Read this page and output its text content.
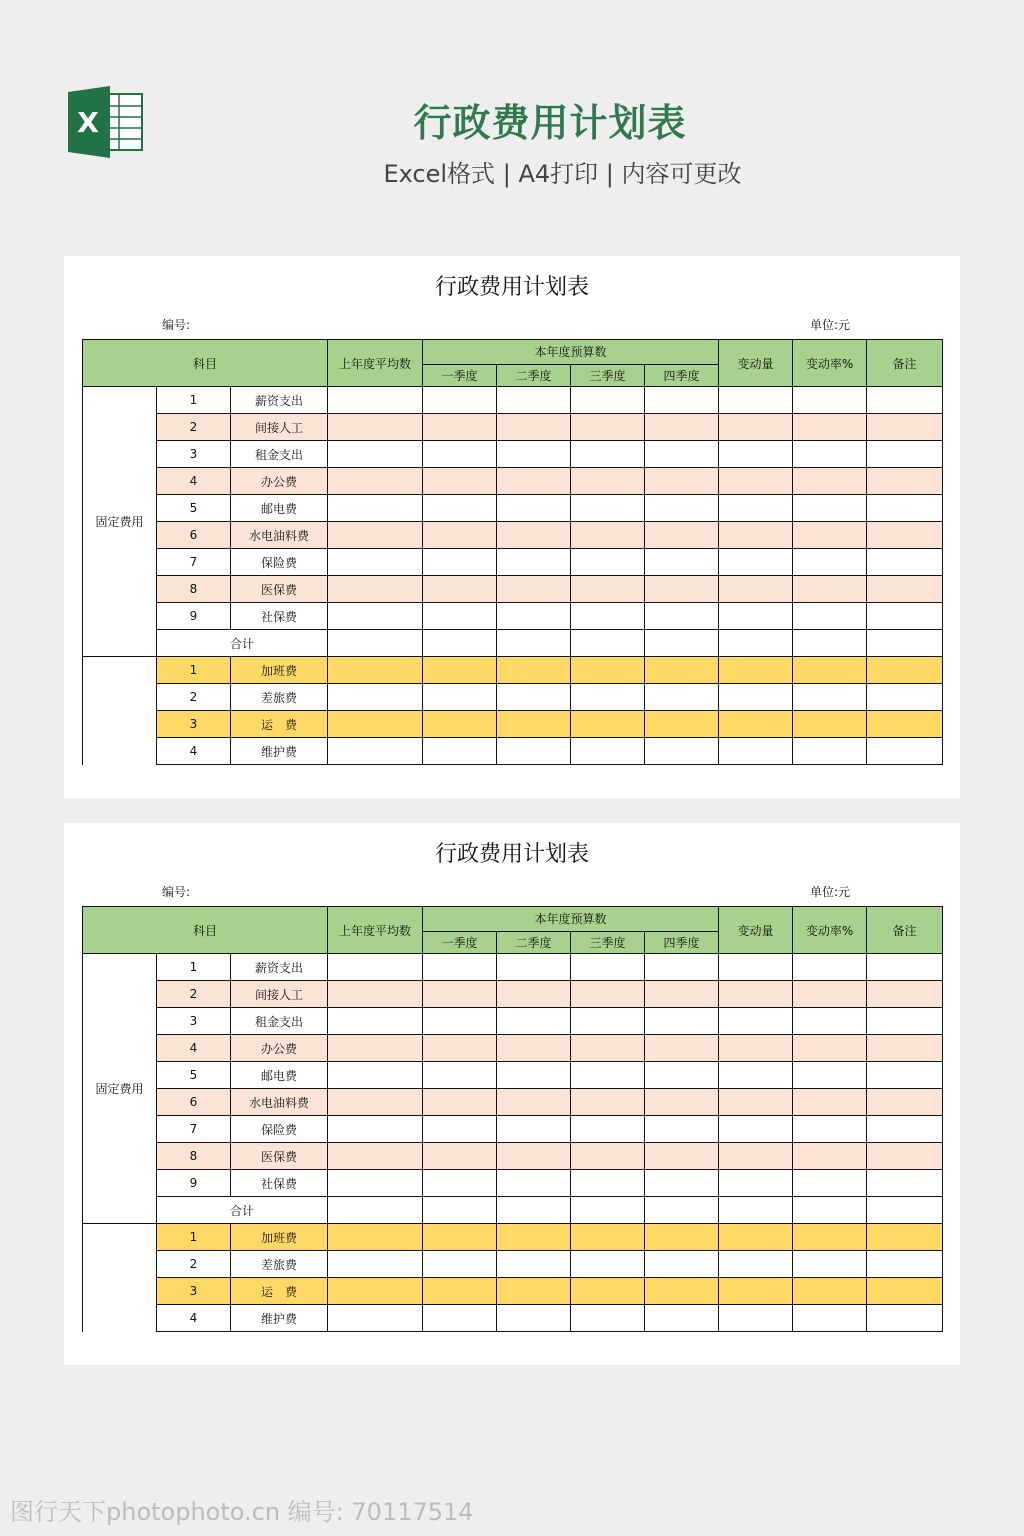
X	行政费用计划表
Excel格式 | A4打印 | 内容可更改
行政费用计划表
编号:	单位:元
科目			上年度平均数	本年度预算数				变动量	变动率%	备注
				一季度	二季度	三季度	四季度			
固定费用	1	薪资支出								
	2	间接人工								
	3	租金支出								
	4	办公费								
	5	邮电费								
	6	水电油料费								
	7	保险费								
	8	医保费								
	9	社保费								
	合计									
	1	加班费								
	2	差旅费								
	3	运　费								
	4	维护费								
行政费用计划表
编号:	单位:元
科目			上年度平均数	本年度预算数				变动量	变动率%	备注
				一季度	二季度	三季度	四季度			
固定费用	1	薪资支出								
	2	间接人工								
	3	租金支出								
	4	办公费								
	5	邮电费								
	6	水电油料费								
	7	保险费								
	8	医保费								
	9	社保费								
	合计									
	1	加班费								
	2	差旅费								
	3	运　费								
	4	维护费								
图行天下photophoto.cn 编号: 70117514
